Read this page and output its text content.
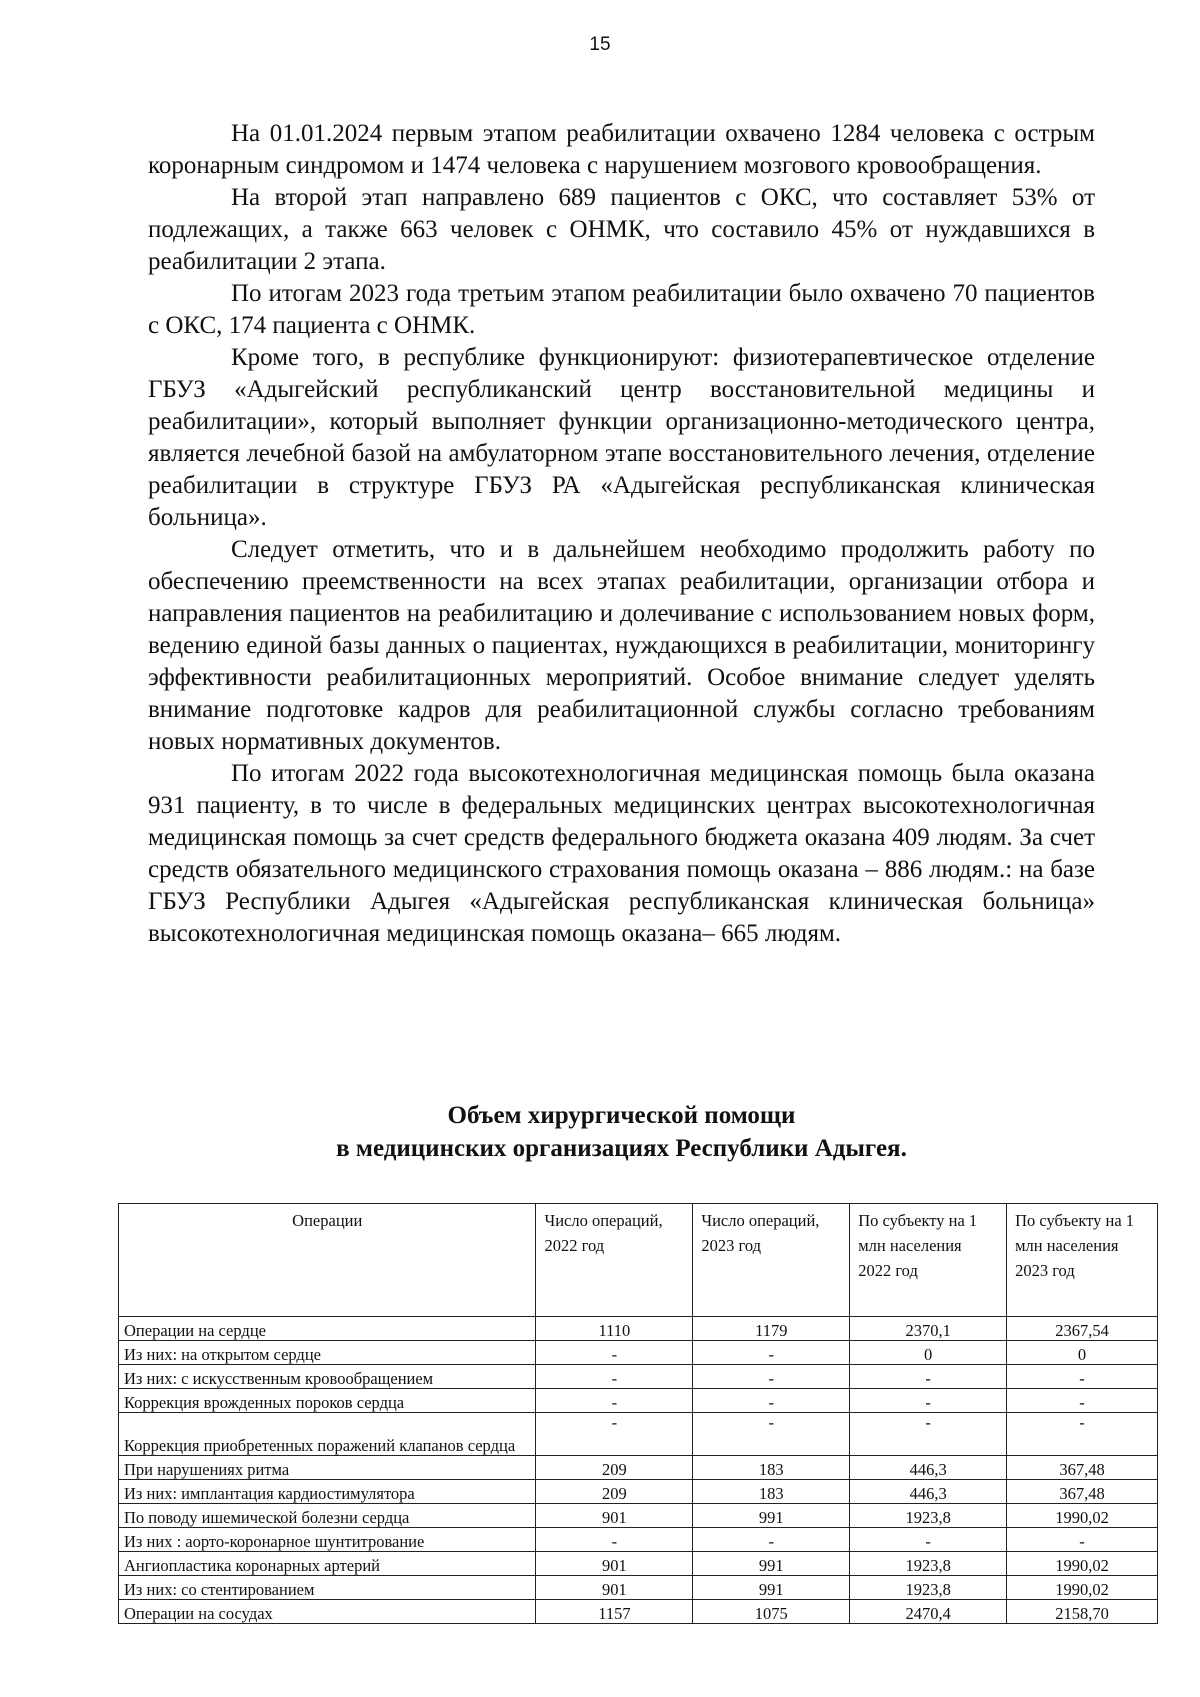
15

На 01.01.2024 первым этапом реабилитации охвачено 1284 человека с острым коронарным синдромом и 1474 человека с нарушением мозгового кровообращения.

На второй этап направлено 689 пациентов с ОКС, что составляет 53% от подлежащих, а также 663 человек с ОНМК, что составило 45% от нуждавшихся в реабилитации 2 этапа.

По итогам 2023 года третьим этапом реабилитации было охвачено 70 пациентов с ОКС, 174 пациента с ОНМК.

Кроме того, в республике функционируют: физиотерапевтическое отделение ГБУЗ «Адыгейский республиканский центр восстановительной медицины и реабилитации», который выполняет функции организационно-методического центра, является лечебной базой на амбулаторном этапе восстановительного лечения, отделение реабилитации в структуре ГБУЗ РА «Адыгейская республиканская клиническая больница».

Следует отметить, что и в дальнейшем необходимо продолжить работу по обеспечению преемственности на всех этапах реабилитации, организации отбора и направления пациентов на реабилитацию и долечивание с использованием новых форм, ведению единой базы данных о пациентах, нуждающихся в реабилитации, мониторингу эффективности реабилитационных мероприятий. Особое внимание следует уделять внимание подготовке кадров для реабилитационной службы согласно требованиям новых нормативных документов.

По итогам 2022 года высокотехнологичная медицинская помощь была оказана 931 пациенту, в то числе в федеральных медицинских центрах высокотехнологичная медицинская помощь за счет средств федерального бюджета оказана 409 людям. За счет средств обязательного медицинского страхования помощь оказана – 886 людям.: на базе ГБУЗ Республики Адыгея «Адыгейская республиканская клиническая больница» высокотехнологичная медицинская помощь оказана– 665 людям.

Объем хирургической помощи
в медицинских организациях Республики Адыгея.
Операции	Число операций, 2022 год	Число операций, 2023 год	По субъекту на 1 млн населения 2022 год	По субъекту на 1 млн населения 2023 год
Операции на сердце	1110	1179	2370,1	2367,54
Из них: на открытом сердце	-	-	0	0
Из них: с искусственным кровообращением	-	-	-	-
Коррекция врожденных пороков сердца	-	-	-	-
Коррекция приобретенных поражений клапанов сердца	-	-	-	-
При нарушениях ритма	209	183	446,3	367,48
Из них: имплантация кардиостимулятора	209	183	446,3	367,48
По поводу ишемической болезни сердца	901	991	1923,8	1990,02
Из них : аорто-коронарное шунтитрование	-	-	-	-
Ангиопластика коронарных артерий	901	991	1923,8	1990,02
Из них: со стентированием	901	991	1923,8	1990,02
Операции на сосудах	1157	1075	2470,4	2158,70
